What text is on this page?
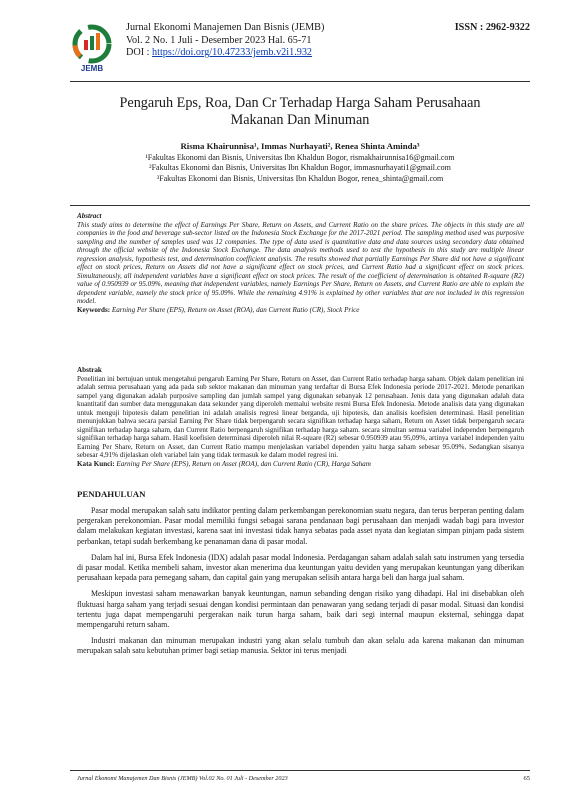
JEMB
Jurnal Ekonomi Manajemen Dan Bisnis (JEMB)
Vol. 2 No. 1 Juli - Desember 2023 Hal. 65-71
DOI : https://doi.org/10.47233/jemb.v2i1.932
ISSN : 2962-9322
Pengaruh Eps, Roa, Dan Cr Terhadap Harga Saham Perusahaan
Makanan Dan Minuman
Risma Khairunnisa¹, Immas Nurhayati², Renea Shinta Aminda³
¹Fakultas Ekonomi dan Bisnis, Universitas Ibn Khaldun Bogor, rismakhairunnisa16@gmail.com
²Fakultas Ekonomi dan Bisnis, Universitas Ibn Khaldun Bogor, immasnurhayati1@gmail.com
³Fakultas Ekonomi dan Bisnis, Universitas Ibn Khaldun Bogor, renea_shinta@gmail.com
Abstract
This study aims to determine the effect of Earnings Per Share, Return on Assets, and Current Ratio on the share prices. The objects in this study are all companies in the food and beverage sub-sector listed on the Indonesia Stock Exchange for the 2017-2021 period. The sampling method used was purposive sampling and the number of samples used was 12 companies. The type of data used is quantitative data and data sources using secondary data obtained through the official website of the Indonesia Stock Exchange. The data analysis methods used to test the hypothesis in this study are multiple linear regression analysis, hypothesis test, and determination coefficient analysis. The results showed that partially Earnings Per Share did not have a significant effect on stock prices, Return on Assets did not have a significant effect on stock prices, and Current Ratio had a significant effect on stock prices. Simultaneously, all independent variables have a significant effect on stock prices. The result of the coefficient of determination is obtained R-square (R2) value of 0.950939 or 95.09%, meaning that independent variables, namely Earnings Per Share, Return on Assets, and Current Ratio are able to explain the dependent variable, namely the stock price of 95.09%. While the remaining 4.91% is explained by other variables that are not included in this regression model.
Keywords: Earning Per Share (EPS), Return on Asset (ROA), dan Current Ratio (CR), Stock Price
Abstrak
Penelitian ini bertujuan untuk mengetahui pengaruh Earning Per Share, Return on Asset, dan Current Ratio terhadap harga saham. Objek dalam penelitian ini adalah semua perusahaan yang ada pada sub sektor makanan dan minuman yang terdaftar di Bursa Efek Indonesia periode 2017-2021. Metode penarikan sampel yang digunakan adalah purposive sampling dan jumlah sampel yang digunakan sebanyak 12 perusahaan. Jenis data yang digunakan adalah data kuantitatif dan sumber data menggunakan data sekunder yang diperoleh memalui website resmi Bursa Efek Indonesia. Metode analisis data yang digunakan untuk menguji hipotesis dalam penelitian ini adalah analisis regresi linear berganda, uji hipotesis, dan analisis koefisien determinasi. Hasil penelitian menunjukkan bahwa secara parsial Earning Per Share tidak berpengaruh secara signifikan terhadap harga saham, Return on Asset tidak berpengaruh secara signifikan terhadap harga saham, dan Current Ratio berpengaruh signifikan terhadap harga saham. secara simultan semua variabel independen berpengaruh signifikan terhadap harga saham. Hasil koefisien determinasi diperoleh nilai R-square (R2) sebesar 0.950939 atau 95,09%, artinya variabel independen yaitu Earning Per Share, Return on Asset, dan Current Ratio mampu menjelaskan variabel dependen yaitu harga saham sebesar 95.09%. Sedangkan sisanya sebesar 4,91% dijelaskan oleh variabel lain yang tidak termasuk ke dalam model regresi ini.
Kata Kunci: Earning Per Share (EPS), Return on Asset (ROA), dan Current Ratio (CR), Harga Saham
PENDAHULUAN

Pasar modal merupakan salah satu indikator penting dalam perkembangan perekonomian suatu negara, dan terus berperan penting dalam pergerakan perekonomian. Pasar modal memiliki fungsi sebagai sarana pendanaan bagi perusahaan dan menjadi wadah bagi para investor dalam melakukan kegiatan investasi, karena saat ini investasi tidak hanya sebatas pada asset nyata dan kegiatan simpan pinjam pada sistem perbankan, tetapi sudah berkembang ke penanaman dana di pasar modal.

Dalam hal ini, Bursa Efek Indonesia (IDX) adalah pasar modal Indonesia. Perdagangan saham adalah salah satu instrumen yang tersedia di pasar modal. Ketika membeli saham, investor akan menerima dua keuntungan yaitu deviden yang merupakan keuntungan yang diberikan perusahaan kepada para pemegang saham, dan capital gain yang merupakan selisih antara harga beli dan harga jual saham.

Meskipun investasi saham menawarkan banyak keuntungan, namun sebanding dengan risiko yang dihadapi. Hal ini disebabkan oleh fluktuasi harga saham yang terjadi sesuai dengan kondisi permintaan dan penawaran yang sedang terjadi di pasar modal. Situasi dan kondisi tertentu juga dapat mempengaruhi pergerakan naik turun harga saham, baik dari segi internal maupun eksternal, sehingga dapat mempengaruhi return saham.

Industri makanan dan minuman merupakan industri yang akan selalu tumbuh dan akan selalu ada karena makanan dan minuman merupakan salah satu kebutuhan primer bagi setiap manusia. Sektor ini terus menjadi

Jurnal Ekonomi Manajemen Dan Bisnis (JEMB) Vol.02 No. 01 Juli - Desember 2023	65
